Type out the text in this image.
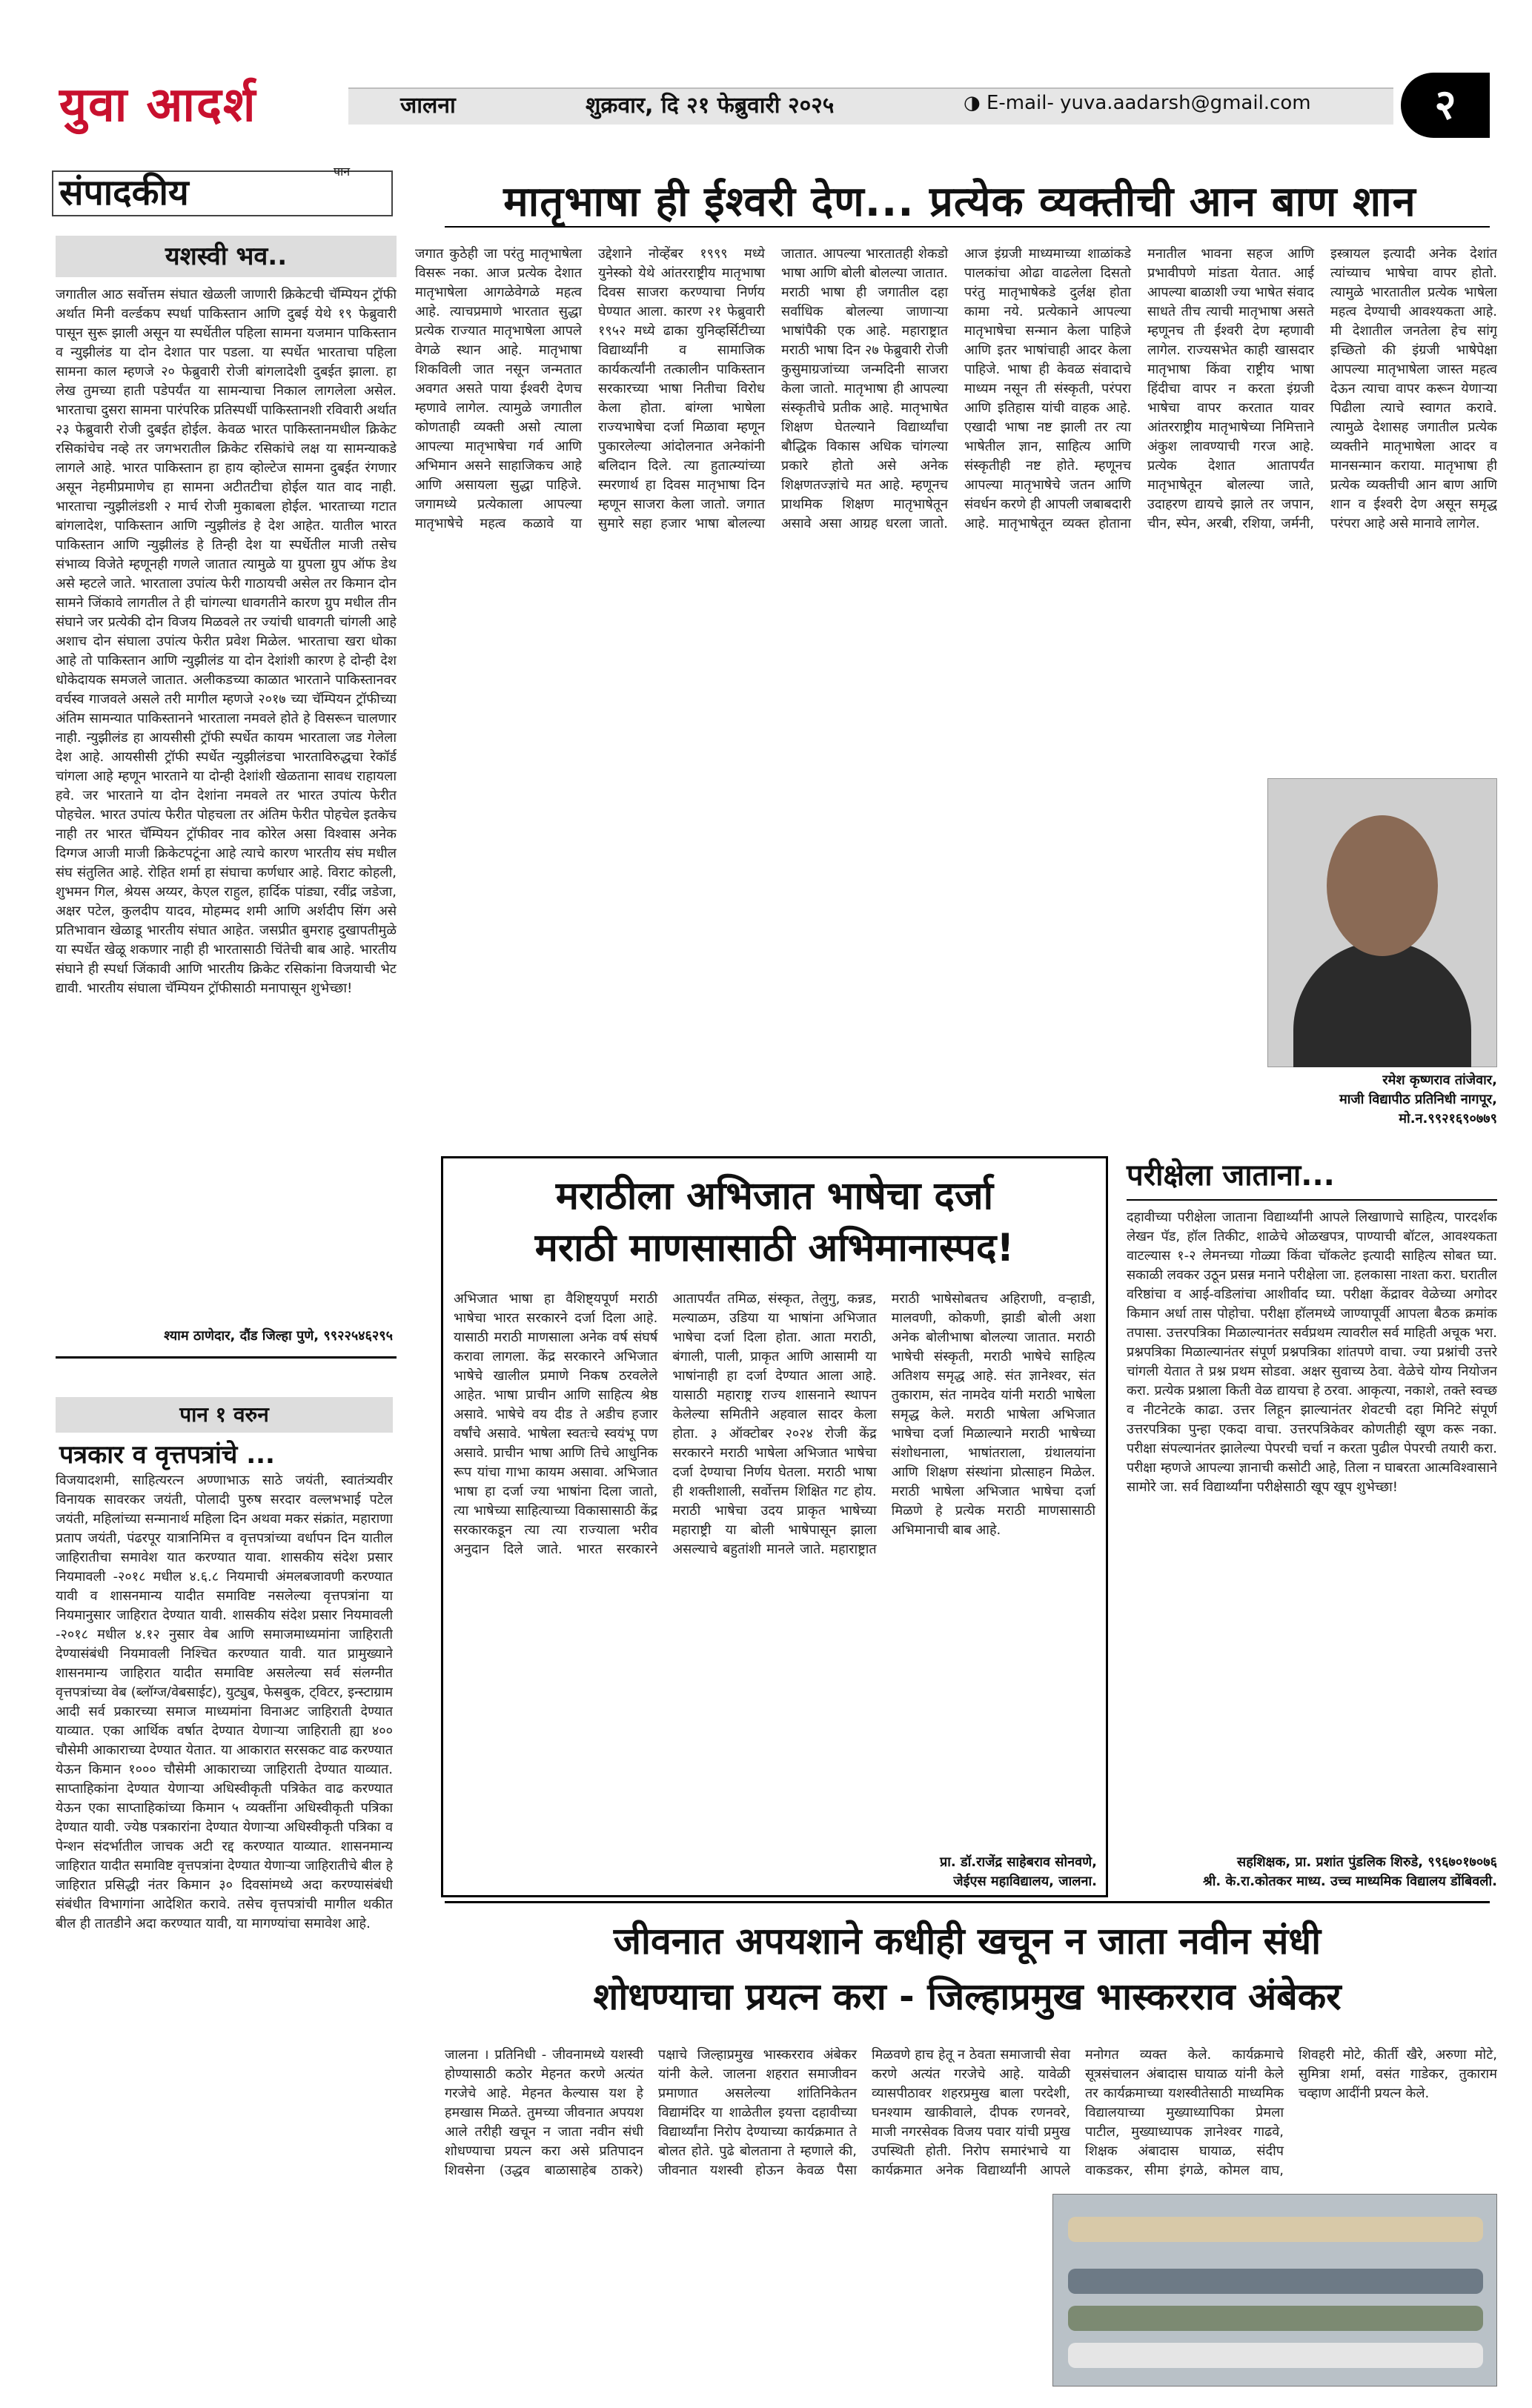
युवा आदर्श	जालना	शुक्रवार, दि २१ फेब्रुवारी २०२५	◑ E-mail- yuva.aadarsh@gmail.com	२
संपादकीय
पान
मातृभाषा ही ईश्वरी देण... प्रत्येक व्यक्तीची आन बाण शान
यशस्वी भव..
जगातील आठ सर्वोत्तम संघात खेळली जाणारी क्रिकेटची चॅम्पियन ट्रॉफी अर्थात मिनी वर्ल्डकप स्पर्धा पाकिस्तान आणि दुबई येथे १९ फेब्रुवारी पासून सुरू झाली असून या स्पर्धेतील पहिला सामना यजमान पाकिस्तान व न्युझीलंड या दोन देशात पार पडला. या स्पर्धेत भारताचा पहिला सामना काल म्हणजे २० फेब्रुवारी रोजी बांगलादेशी दुबईत झाला. हा लेख तुमच्या हाती पडेपर्यंत या सामन्याचा निकाल लागलेला असेल. भारताचा दुसरा सामना पारंपरिक प्रतिस्पर्धी पाकिस्तानशी रविवारी अर्थात २३ फेब्रुवारी रोजी दुबईत होईल. केवळ भारत पाकिस्तानमधील क्रिकेट रसिकांचेच नव्हे तर जगभरातील क्रिकेट रसिकांचे लक्ष या सामन्याकडे लागले आहे. भारत पाकिस्तान हा हाय व्होल्टेज सामना दुबईत रंगणार असून नेहमीप्रमाणेच हा सामना अटीतटीचा होईल यात वाद नाही. भारताचा न्युझीलंडशी २ मार्च रोजी मुकाबला होईल. भारताच्या गटात बांगलादेश, पाकिस्तान आणि न्युझीलंड हे देश आहेत. यातील भारत पाकिस्तान आणि न्युझीलंड हे तिन्ही देश या स्पर्धेतील माजी तसेच संभाव्य विजेते म्हणूनही गणले जातात त्यामुळे या ग्रुपला ग्रुप ऑफ डेथ असे म्हटले जाते. भारताला उपांत्य फेरी गाठायची असेल तर किमान दोन सामने जिंकावे लागतील ते ही चांगल्या धावगतीने कारण ग्रुप मधील तीन संघाने जर प्रत्येकी दोन विजय मिळवले तर ज्यांची धावगती चांगली आहे अशाच दोन संघाला उपांत्य फेरीत प्रवेश मिळेल. भारताचा खरा धोका आहे तो पाकिस्तान आणि न्युझीलंड या दोन देशांशी कारण हे दोन्ही देश धोकेदायक समजले जातात. अलीकडच्या काळात भारताने पाकिस्तानवर वर्चस्व गाजवले असले तरी मागील म्हणजे २०१७ च्या चॅम्पियन ट्रॉफीच्या अंतिम सामन्यात पाकिस्तानने भारताला नमवले होते हे विसरून चालणार नाही. न्युझीलंड हा आयसीसी ट्रॉफी स्पर्धेत कायम भारताला जड गेलेला देश आहे. आयसीसी ट्रॉफी स्पर्धेत न्युझीलंडचा भारताविरुद्धचा रेकॉर्ड चांगला आहे म्हणून भारताने या दोन्ही देशांशी खेळताना सावध राहायला हवे. जर भारताने या दोन देशांना नमवले तर भारत उपांत्य फेरीत पोहचेल. भारत उपांत्य फेरीत पोहचला तर अंतिम फेरीत पोहचेल इतकेच नाही तर भारत चॅम्पियन ट्रॉफीवर नाव कोरेल असा विश्वास अनेक दिग्गज आजी माजी क्रिकेटपटूंना आहे त्याचे कारण भारतीय संघ मधील संघ संतुलित आहे. रोहित शर्मा हा संघाचा कर्णधार आहे. विराट कोहली, शुभमन गिल, श्रेयस अय्यर, केएल राहुल, हार्दिक पांड्या, रवींद्र जडेजा, अक्षर पटेल, कुलदीप यादव, मोहम्मद शमी आणि अर्शदीप सिंग असे प्रतिभावान खेळाडू भारतीय संघात आहेत. जसप्रीत बुमराह दुखापतीमुळे या स्पर्धेत खेळू शकणार नाही ही भारतासाठी चिंतेची बाब आहे. भारतीय संघाने ही स्पर्धा जिंकावी आणि भारतीय क्रिकेट रसिकांना विजयाची भेट द्यावी. भारतीय संघाला चॅम्पियन ट्रॉफीसाठी मनापासून शुभेच्छा!
श्याम ठाणेदार, दौंड जिल्हा पुणे, ९९२२५४६२९५
जगात कुठेही जा परंतु मातृभाषेला विसरू नका. आज प्रत्येक देशात मातृभाषेला आगळेवेगळे महत्व आहे. त्याचप्रमाणे भारतात सुद्धा प्रत्येक राज्यात मातृभाषेला आपले वेगळे स्थान आहे. मातृभाषा शिकविली जात नसून जन्मतात अवगत असते पाया ईश्वरी देणच म्हणावे लागेल. त्यामुळे जगातील कोणताही व्यक्ती असो त्याला आपल्या मातृभाषेचा गर्व आणि अभिमान असने साहाजिकच आहे आणि असायला सुद्धा पाहिजे. जगामध्ये प्रत्येकाला आपल्या मातृभाषेचे महत्व कळावे या उद्देशाने नोव्हेंबर १९९९ मध्ये युनेस्को येथे आंतरराष्ट्रीय मातृभाषा दिवस साजरा करण्याचा निर्णय घेण्यात आला. कारण २१ फेब्रुवारी १९५२ मध्ये ढाका युनिव्हर्सिटीच्या विद्यार्थ्यांनी व सामाजिक कार्यकर्त्यांनी तत्कालीन पाकिस्तान सरकारच्या भाषा नितीचा विरोध केला होता. बांग्ला भाषेला राज्यभाषेचा दर्जा मिळावा म्हणून पुकारलेल्या आंदोलनात अनेकांनी बलिदान दिले. त्या हुतात्म्यांच्या स्मरणार्थ हा दिवस मातृभाषा दिन म्हणून साजरा केला जातो. जगात सुमारे सहा हजार भाषा बोलल्या जातात. आपल्या भारतातही शेकडो भाषा आणि बोली बोलल्या जातात. मराठी भाषा ही जगातील दहा सर्वाधिक बोलल्या जाणाऱ्या भाषांपैकी एक आहे. महाराष्ट्रात मराठी भाषा दिन २७ फेब्रुवारी रोजी कुसुमाग्रजांच्या जन्मदिनी साजरा केला जातो. मातृभाषा ही आपल्या संस्कृतीचे प्रतीक आहे. मातृभाषेत शिक्षण घेतल्याने विद्यार्थ्यांचा बौद्धिक विकास अधिक चांगल्या प्रकारे होतो असे अनेक शिक्षणतज्ज्ञांचे मत आहे. म्हणूनच प्राथमिक शिक्षण मातृभाषेतून असावे असा आग्रह धरला जातो. आज इंग्रजी माध्यमाच्या शाळांकडे पालकांचा ओढा वाढलेला दिसतो परंतु मातृभाषेकडे दुर्लक्ष होता कामा नये. प्रत्येकाने आपल्या मातृभाषेचा सन्मान केला पाहिजे आणि इतर भाषांचाही आदर केला पाहिजे. भाषा ही केवळ संवादाचे माध्यम नसून ती संस्कृती, परंपरा आणि इतिहास यांची वाहक आहे. एखादी भाषा नष्ट झाली तर त्या भाषेतील ज्ञान, साहित्य आणि संस्कृतीही नष्ट होते. म्हणूनच आपल्या मातृभाषेचे जतन आणि संवर्धन करणे ही आपली जबाबदारी आहे. मातृभाषेतून व्यक्त होताना मनातील भावना सहज आणि प्रभावीपणे मांडता येतात. आई आपल्या बाळाशी ज्या भाषेत संवाद साधते तीच त्याची मातृभाषा असते म्हणूनच ती ईश्वरी देण म्हणावी लागेल. राज्यसभेत काही खासदार मातृभाषा किंवा राष्ट्रीय भाषा हिंदीचा वापर न करता इंग्रजी भाषेचा वापर करतात यावर आंतरराष्ट्रीय मातृभाषेच्या निमित्ताने अंकुश लावण्याची गरज आहे. प्रत्येक देशात आतापर्यंत मातृभाषेतून बोलल्या जाते, उदाहरण द्यायचे झाले तर जपान, चीन, स्पेन, अरबी, रशिया, जर्मनी, इस्त्रायल इत्यादी अनेक देशांत त्यांच्याच भाषेचा वापर होतो. त्यामुळे भारतातील प्रत्येक भाषेला महत्व देण्याची आवश्यकता आहे. मी देशातील जनतेला हेच सांगू इच्छितो की इंग्रजी भाषेपेक्षा आपल्या मातृभाषेला जास्त महत्व देऊन त्याचा वापर करून येणाऱ्या पिढीला त्याचे स्वागत करावे. त्यामुळे देशासह जगातील प्रत्येक व्यक्तीने मातृभाषेला आदर व मानसन्मान कराया. मातृभाषा ही प्रत्येक व्यक्तीची आन बाण आणि शान व ईश्वरी देण असून समृद्ध परंपरा आहे असे मानावे लागेल.
रमेश कृष्णराव तांजेवार,
माजी विद्यापीठ प्रतिनिधी नागपूर,
मो.न.९९२१६९०७७९
मराठीला अभिजात भाषेचा दर्जा
मराठी माणसासाठी अभिमानास्पद!
अभिजात भाषा हा वैशिष्ट्यपूर्ण मराठी भाषेचा भारत सरकारने दर्जा दिला आहे. यासाठी मराठी माणसाला अनेक वर्ष संघर्ष करावा लागला. केंद्र सरकारने अभिजात भाषेचे खालील प्रमाणे निकष ठरवलेले आहेत. भाषा प्राचीन आणि साहित्य श्रेष्ठ असावे. भाषेचे वय दीड ते अडीच हजार वर्षांचे असावे. भाषेला स्वतःचे स्वयंभू पण असावे. प्राचीन भाषा आणि तिचे आधुनिक रूप यांचा गाभा कायम असावा. अभिजात भाषा हा दर्जा ज्या भाषांना दिला जातो, त्या भाषेच्या साहित्याच्या विकासासाठी केंद्र सरकारकडून त्या त्या राज्याला भरीव अनुदान दिले जाते. भारत सरकारने आतापर्यंत तमिळ, संस्कृत, तेलुगु, कन्नड, मल्याळम, उडिया या भाषांना अभिजात भाषेचा दर्जा दिला होता. आता मराठी, बंगाली, पाली, प्राकृत आणि आसामी या भाषांनाही हा दर्जा देण्यात आला आहे. यासाठी महाराष्ट्र राज्य शासनाने स्थापन केलेल्या समितीने अहवाल सादर केला होता. ३ ऑक्टोबर २०२४ रोजी केंद्र सरकारने मराठी भाषेला अभिजात भाषेचा दर्जा देण्याचा निर्णय घेतला. मराठी भाषा ही शक्तीशाली, सर्वोत्तम शिक्षित गट होय. मराठी भाषेचा उदय प्राकृत भाषेच्या महाराष्ट्री या बोली भाषेपासून झाला असल्याचे बहुतांशी मानले जाते. महाराष्ट्रात मराठी भाषेसोबतच अहिराणी, वऱ्हाडी, मालवणी, कोकणी, झाडी बोली अशा अनेक बोलीभाषा बोलल्या जातात. मराठी भाषेची संस्कृती, मराठी भाषेचे साहित्य अतिशय समृद्ध आहे. संत ज्ञानेश्वर, संत तुकाराम, संत नामदेव यांनी मराठी भाषेला समृद्ध केले. मराठी भाषेला अभिजात भाषेचा दर्जा मिळाल्याने मराठी भाषेच्या संशोधनाला, भाषांतराला, ग्रंथालयांना आणि शिक्षण संस्थांना प्रोत्साहन मिळेल. मराठी भाषेला अभिजात भाषेचा दर्जा मिळणे हे प्रत्येक मराठी माणसासाठी अभिमानाची बाब आहे.
प्रा. डॉ.राजेंद्र साहेबराव सोनवणे,
जेईएस महाविद्यालय, जालना.
परीक्षेला जाताना...
दहावीच्या परीक्षेला जाताना विद्यार्थ्यांनी आपले लिखाणाचे साहित्य, पारदर्शक लेखन पॅड, हॉल तिकीट, शाळेचे ओळखपत्र, पाण्याची बॉटल, आवश्यकता वाटल्यास १-२ लेमनच्या गोळ्या किंवा चॉकलेट इत्यादी साहित्य सोबत घ्या. सकाळी लवकर उठून प्रसन्न मनाने परीक्षेला जा. हलकासा नाश्ता करा. घरातील वरिष्ठांचा व आई-वडिलांचा आशीर्वाद घ्या. परीक्षा केंद्रावर वेळेच्या अगोदर किमान अर्धा तास पोहोचा. परीक्षा हॉलमध्ये जाण्यापूर्वी आपला बैठक क्रमांक तपासा. उत्तरपत्रिका मिळाल्यानंतर सर्वप्रथम त्यावरील सर्व माहिती अचूक भरा. प्रश्नपत्रिका मिळाल्यानंतर संपूर्ण प्रश्नपत्रिका शांतपणे वाचा. ज्या प्रश्नांची उत्तरे चांगली येतात ते प्रश्न प्रथम सोडवा. अक्षर सुवाच्य ठेवा. वेळेचे योग्य नियोजन करा. प्रत्येक प्रश्नाला किती वेळ द्यायचा हे ठरवा. आकृत्या, नकाशे, तक्ते स्वच्छ व नीटनेटके काढा. उत्तर लिहून झाल्यानंतर शेवटची दहा मिनिटे संपूर्ण उत्तरपत्रिका पुन्हा एकदा वाचा. उत्तरपत्रिकेवर कोणतीही खूण करू नका. परीक्षा संपल्यानंतर झालेल्या पेपरची चर्चा न करता पुढील पेपरची तयारी करा. परीक्षा म्हणजे आपल्या ज्ञानाची कसोटी आहे, तिला न घाबरता आत्मविश्वासाने सामोरे जा. सर्व विद्यार्थ्यांना परीक्षेसाठी खूप खूप शुभेच्छा!
सहशिक्षक, प्रा. प्रशांत पुंडलिक शिरुडे, ९९६७०१७०७६
श्री. के.रा.कोतकर माध्य. उच्च माध्यमिक विद्यालय डोंबिवली.
पान १ वरुन
पत्रकार व वृत्तपत्रांचे ...
विजयादशमी, साहित्यरत्न अण्णाभाऊ साठे जयंती, स्वातंत्र्यवीर विनायक सावरकर जयंती, पोलादी पुरुष सरदार वल्लभभाई पटेल जयंती, महिलांच्या सन्मानार्थ महिला दिन अथवा मकर संक्रांत, महाराणा प्रताप जयंती, पंढरपूर यात्रानिमित्त व वृत्तपत्रांच्या वर्धापन दिन यातील जाहिरातीचा समावेश यात करण्यात यावा. शासकीय संदेश प्रसार नियमावली -२०१८ मधील ४.६.८ नियमाची अंमलबजावणी करण्यात यावी व शासनमान्य यादीत समाविष्ट नसलेल्या वृत्तपत्रांना या नियमानुसार जाहिरात देण्यात यावी. शासकीय संदेश प्रसार नियमावली -२०१८ मधील ४.१२ नुसार वेब आणि समाजमाध्यमांना जाहिराती देण्यासंबंधी नियमावली निश्चित करण्यात यावी. यात प्रामुख्याने शासनमान्य जाहिरात यादीत समाविष्ट असलेल्या सर्व संलग्नीत वृत्तपत्रांच्या वेब (ब्लॉग्ज/वेबसाईट), युट्युब, फेसबुक, ट्विटर, इन्स्टाग्राम आदी सर्व प्रकारच्या समाज माध्यमांना विनाअट जाहिराती देण्यात याव्यात. एका आर्थिक वर्षात देण्यात येणाऱ्या जाहिराती ह्या ४०० चौसेमी आकाराच्या देण्यात येतात. या आकारात सरसकट वाढ करण्यात येऊन किमान १००० चौसेमी आकाराच्या जाहिराती देण्यात याव्यात. साप्ताहिकांना देण्यात येणाऱ्या अधिस्वीकृती पत्रिकेत वाढ करण्यात येऊन एका साप्ताहिकांच्या किमान ५ व्यक्तींना अधिस्वीकृती पत्रिका देण्यात यावी. ज्येष्ठ पत्रकारांना देण्यात येणाऱ्या अधिस्वीकृती पत्रिका व पेन्शन संदर्भातील जाचक अटी रद्द करण्यात याव्यात. शासनमान्य जाहिरात यादीत समाविष्ट वृत्तपत्रांना देण्यात येणाऱ्या जाहिरातीचे बील हे जाहिरात प्रसिद्धी नंतर किमान ३० दिवसांमध्ये अदा करण्यासंबंधी संबंधीत विभागांना आदेशित करावे. तसेच वृत्तपत्रांची मागील थकीत बील ही तातडीने अदा करण्यात यावी, या मागण्यांचा समावेश आहे.	जीवनात अपयशाने कधीही खचून न जाता नवीन संधी
शोधण्याचा प्रयत्न करा - जिल्हाप्रमुख भास्करराव अंबेकर
जालना । प्रतिनिधी - जीवनामध्ये यशस्वी होण्यासाठी कठोर मेहनत करणे अत्यंत गरजेचे आहे. मेहनत केल्यास यश हे हमखास मिळते. तुमच्या जीवनात अपयश आले तरीही खचून न जाता नवीन संधी शोधण्याचा प्रयत्न करा असे प्रतिपादन शिवसेना (उद्धव बाळासाहेब ठाकरे) पक्षाचे जिल्हाप्रमुख भास्करराव अंबेकर यांनी केले. जालना शहरात समाजीवन प्रमाणात असलेल्या शांतिनिकेतन विद्यामंदिर या शाळेतील इयत्ता दहावीच्या विद्यार्थ्यांना निरोप देण्याच्या कार्यक्रमात ते बोलत होते. पुढे बोलताना ते म्हणाले की, जीवनात यशस्वी होऊन केवळ पैसा मिळवणे हाच हेतू न ठेवता समाजाची सेवा करणे अत्यंत गरजेचे आहे. यावेळी व्यासपीठावर शहरप्रमुख बाला परदेशी, घनश्याम खाकीवाले, दीपक रणनवरे, माजी नगरसेवक विजय पवार यांची प्रमुख उपस्थिती होती. निरोप समारंभाचे या कार्यक्रमात अनेक विद्यार्थ्यांनी आपले मनोगत व्यक्त केले. कार्यक्रमाचे सूत्रसंचालन अंबादास घायाळ यांनी केले तर कार्यक्रमाच्या यशस्वीतेसाठी माध्यमिक विद्यालयाच्या मुख्याध्यापिका प्रेमला पाटील, मुख्याध्यापक ज्ञानेश्वर गाढवे, शिक्षक अंबादास घायाळ, संदीप वाकडकर, सीमा इंगळे, कोमल वाघ, शिवहरी मोटे, कीर्ती खैरे, अरुणा मोटे, सुमित्रा शर्मा, वसंत गाडेकर, तुकाराम चव्हाण आदींनी प्रयत्न केले.
